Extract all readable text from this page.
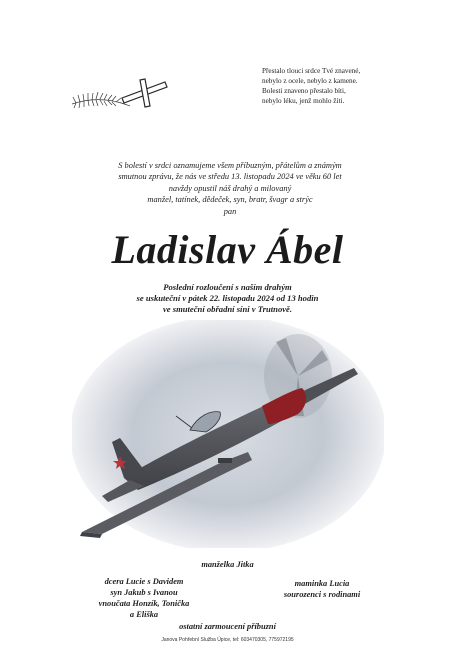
Přestalo tlouci srdce Tvé znavené,
nebylo z ocele, nebylo z kamene.
Bolesti znaveno přestalo bíti,
nebylo léku, jenž mohlo žíti.
S bolestí v srdci oznamujeme všem příbuzným, přátelům a známým
smutnou zprávu, že nás ve středu 13. listopadu 2024 ve věku 60 let
navždy opustil náš drahý a milovaný
manžel, tatínek, dědeček, syn, bratr, švagr a strýc
pan
Ladislav Ábel
Poslední rozloučení s naším drahým
se uskuteční v pátek 22. listopadu 2024 od 13 hodin
ve smuteční obřadní síni v Trutnově.
manželka Jitka
dcera Lucie s Davidem
syn Jakub s Ivanou
vnoučata Honzík, Tonička
a Eliška
maminka Lucia
sourozenci s rodinami
ostatní zarmoucení příbuzní
Janova Pohřební Služba Úpice, tel: 603470305, 775972195
